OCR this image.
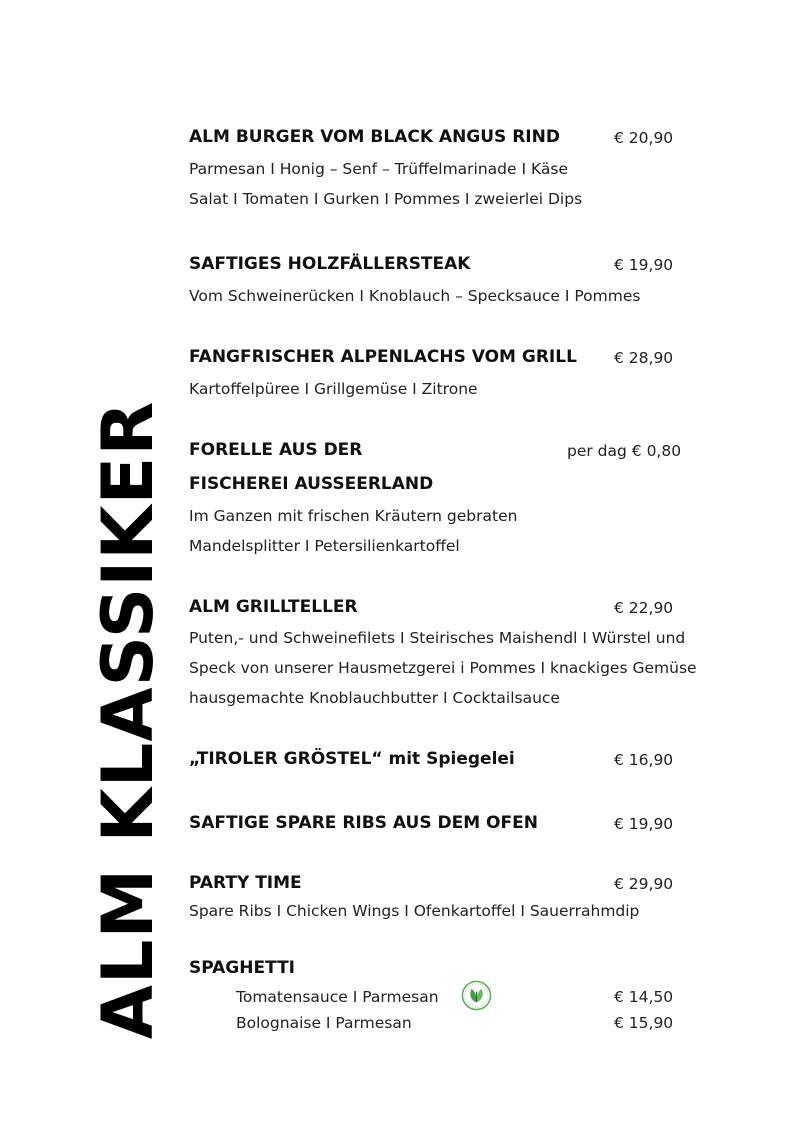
ALM KLASSIKER
ALM BURGER VOM BLACK ANGUS RIND	€ 20,90
Parmesan I Honig – Senf – Trüffelmarinade I Käse
Salat I Tomaten I Gurken I Pommes I zweierlei Dips
SAFTIGES HOLZFÄLLERSTEAK	€ 19,90
Vom Schweinerücken I Knoblauch – Specksauce I Pommes
FANGFRISCHER ALPENLACHS VOM GRILL € 28,90
Kartoffelpüree I Grillgemüse I Zitrone
FORELLE AUS DER	per dag € 0,80
FISCHEREI AUSSEERLAND
Im Ganzen mit frischen Kräutern gebraten
Mandelsplitter I Petersilienkartoffel
ALM GRILLTELLER	€ 22,90
Puten,- und Schweinefilets I Steirisches Maishendl I Würstel und
Speck von unserer Hausmetzgerei i Pommes I knackiges Gemüse
hausgemachte Knoblauchbutter I Cocktailsauce
„TIROLER GRÖSTEL“ mit Spiegelei	€ 16,90
SAFTIGE SPARE RIBS AUS DEM OFEN	€ 19,90
PARTY TIME	€ 29,90
Spare Ribs I Chicken Wings I Ofenkartoffel I Sauerrahmdip
SPAGHETTI
Tomatensauce I Parmesan	€ 14,50
Bolognaise I Parmesan	€ 15,90
